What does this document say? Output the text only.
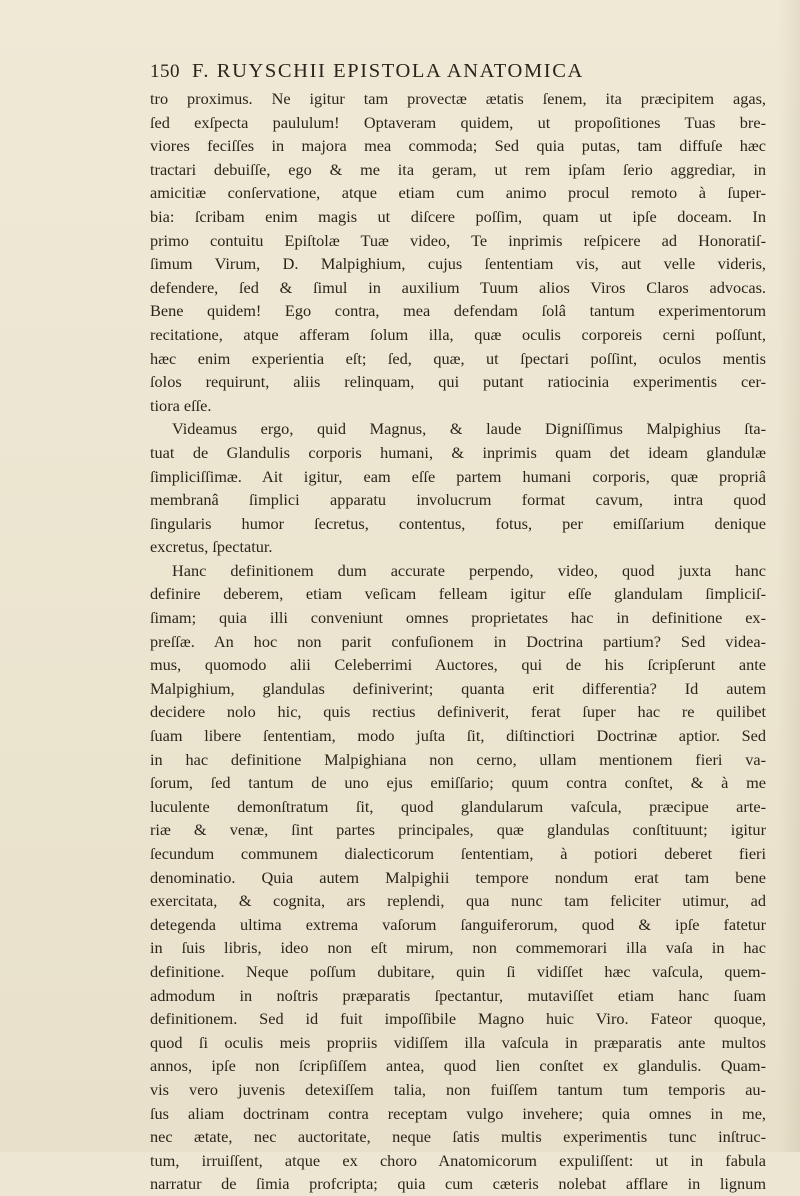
150 F. RUYSCHII EPISTOLA ANATOMICA
tro proximus. Ne igitur tam provectæ ætatis ſenem, ita præcipitem agas,
ſed exſpecta paululum! Optaveram quidem, ut propoſitiones Tuas bre-
viores feciſſes in majora mea commoda; Sed quia putas, tam diffuſe hæc
tractari debuiſſe, ego & me ita geram, ut rem ipſam ſerio aggrediar, in
amicitiæ conſervatione, atque etiam cum animo procul remoto à ſuper-
bia: ſcribam enim magis ut diſcere poſſim, quam ut ipſe doceam. In
primo contuitu Epiſtolæ Tuæ video, Te inprimis reſpicere ad Honoratiſ-
ſimum Virum, D. Malpighium, cujus ſententiam vis, aut velle videris,
defendere, ſed & ſimul in auxilium Tuum alios Viros Claros advocas.
Bene quidem! Ego contra, mea defendam ſolâ tantum experimentorum
recitatione, atque afferam ſolum illa, quæ oculis corporeis cerni poſſunt,
hæc enim experientia eſt; ſed, quæ, ut ſpectari poſſint, oculos mentis
ſolos requirunt, aliis relinquam, qui putant ratiocinia experimentis cer-
tiora eſſe.
Videamus ergo, quid Magnus, & laude Digniſſimus Malpighius ſta-
tuat de Glandulis corporis humani, & inprimis quam det ideam glandulæ
ſimpliciſſimæ. Ait igitur, eam eſſe partem humani corporis, quæ propriâ
membranâ ſimplici apparatu involucrum format cavum, intra quod
ſingularis humor ſecretus, contentus, fotus, per emiſſarium denique
excretus, ſpectatur.
Hanc definitionem dum accurate perpendo, video, quod juxta hanc
definire deberem, etiam veſicam felleam igitur eſſe glandulam ſimpliciſ-
ſimam; quia illi conveniunt omnes proprietates hac in definitione ex-
preſſæ. An hoc non parit confuſionem in Doctrina partium? Sed videa-
mus, quomodo alii Celeberrimi Auctores, qui de his ſcripſerunt ante
Malpighium, glandulas definiverint; quanta erit differentia? Id autem
decidere nolo hic, quis rectius definiverit, ferat ſuper hac re quilibet
ſuam libere ſententiam, modo juſta ſit, diſtinctiori Doctrinæ aptior. Sed
in hac definitione Malpighiana non cerno, ullam mentionem fieri va-
ſorum, ſed tantum de uno ejus emiſſario; quum contra conſtet, & à me
luculente demonſtratum ſit, quod glandularum vaſcula, præcipue arte-
riæ & venæ, ſint partes principales, quæ glandulas conſtituunt; igitur
ſecundum communem dialecticorum ſententiam, à potiori deberet fieri
denominatio. Quia autem Malpighii tempore nondum erat tam bene
exercitata, & cognita, ars replendi, qua nunc tam feliciter utimur, ad
detegenda ultima extrema vaſorum ſanguiferorum, quod & ipſe fatetur
in ſuis libris, ideo non eſt mirum, non commemorari illa vaſa in hac
definitione. Neque poſſum dubitare, quin ſi vidiſſet hæc vaſcula, quem-
admodum in noſtris præparatis ſpectantur, mutaviſſet etiam hanc ſuam
definitionem. Sed id fuit impoſſibile Magno huic Viro. Fateor quoque,
quod ſi oculis meis propriis vidiſſem illa vaſcula in præparatis ante multos
annos, ipſe non ſcripſiſſem antea, quod lien conſtet ex glandulis. Quam-
vis vero juvenis detexiſſem talia, non fuiſſem tantum tum temporis au-
ſus aliam doctrinam contra receptam vulgo invehere; quia omnes in me,
nec ætate, nec auctoritate, neque ſatis multis experimentis tunc inſtruc-
tum, irruiſſent, atque ex choro Anatomicorum expuliſſent: ut in fabula
narratur de ſimia profcripta; quia cum cæteris nolebat afflare in lignum
